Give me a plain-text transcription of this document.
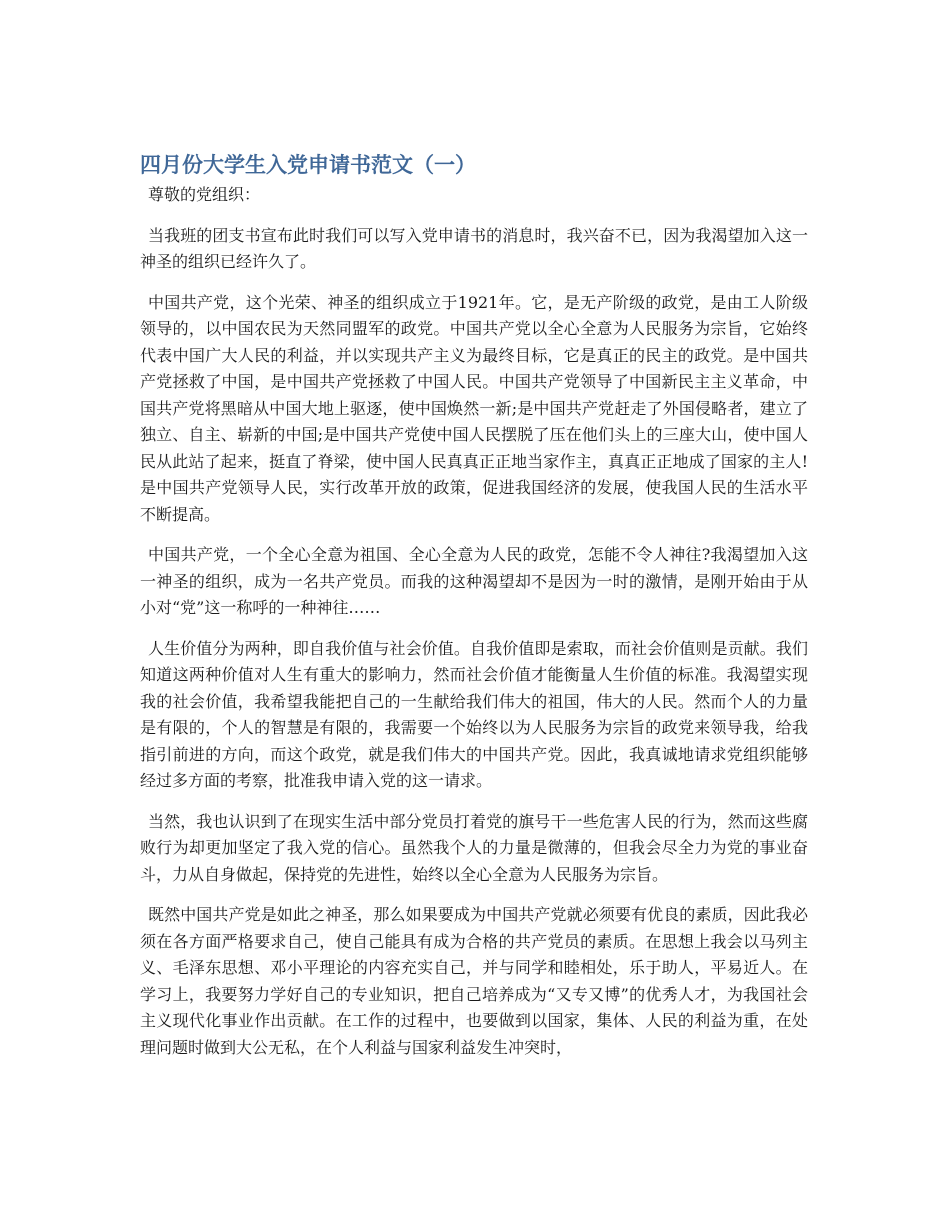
四月份大学生入党申请书范文（一）

尊敬的党组织：

当我班的团支书宣布此时我们可以写入党申请书的消息时，我兴奋不已，因为我渴望加入这一神圣的组织已经许久了。

中国共产党，这个光荣、神圣的组织成立于1921年。它，是无产阶级的政党，是由工人阶级领导的，以中国农民为天然同盟军的政党。中国共产党以全心全意为人民服务为宗旨，它始终代表中国广大人民的利益，并以实现共产主义为最终目标，它是真正的民主的政党。是中国共产党拯救了中国，是中国共产党拯救了中国人民。中国共产党领导了中国新民主主义革命，中国共产党将黑暗从中国大地上驱逐，使中国焕然一新;是中国共产党赶走了外国侵略者，建立了独立、自主、崭新的中国;是中国共产党使中国人民摆脱了压在他们头上的三座大山，使中国人民从此站了起来，挺直了脊梁，使中国人民真真正正地当家作主，真真正正地成了国家的主人!是中国共产党领导人民，实行改革开放的政策，促进我国经济的发展，使我国人民的生活水平不断提高。

中国共产党，一个全心全意为祖国、全心全意为人民的政党，怎能不令人神往?我渴望加入这一神圣的组织，成为一名共产党员。而我的这种渴望却不是因为一时的激情，是刚开始由于从小对“党”这一称呼的一种神往……

人生价值分为两种，即自我价值与社会价值。自我价值即是索取，而社会价值则是贡献。我们知道这两种价值对人生有重大的影响力，然而社会价值才能衡量人生价值的标准。我渴望实现我的社会价值，我希望我能把自己的一生献给我们伟大的祖国，伟大的人民。然而个人的力量是有限的，个人的智慧是有限的，我需要一个始终以为人民服务为宗旨的政党来领导我，给我指引前进的方向，而这个政党，就是我们伟大的中国共产党。因此，我真诚地请求党组织能够经过多方面的考察，批准我申请入党的这一请求。

当然，我也认识到了在现实生活中部分党员打着党的旗号干一些危害人民的行为，然而这些腐败行为却更加坚定了我入党的信心。虽然我个人的力量是微薄的，但我会尽全力为党的事业奋斗，力从自身做起，保持党的先进性，始终以全心全意为人民服务为宗旨。

既然中国共产党是如此之神圣，那么如果要成为中国共产党就必须要有优良的素质，因此我必须在各方面严格要求自己，使自己能具有成为合格的共产党员的素质。在思想上我会以马列主义、毛泽东思想、邓小平理论的内容充实自己，并与同学和睦相处，乐于助人，平易近人。在学习上，我要努力学好自己的专业知识，把自己培养成为“又专又博”的优秀人才，为我国社会主义现代化事业作出贡献。在工作的过程中，也要做到以国家，集体、人民的利益为重，在处理问题时做到大公无私，在个人利益与国家利益发生冲突时，
